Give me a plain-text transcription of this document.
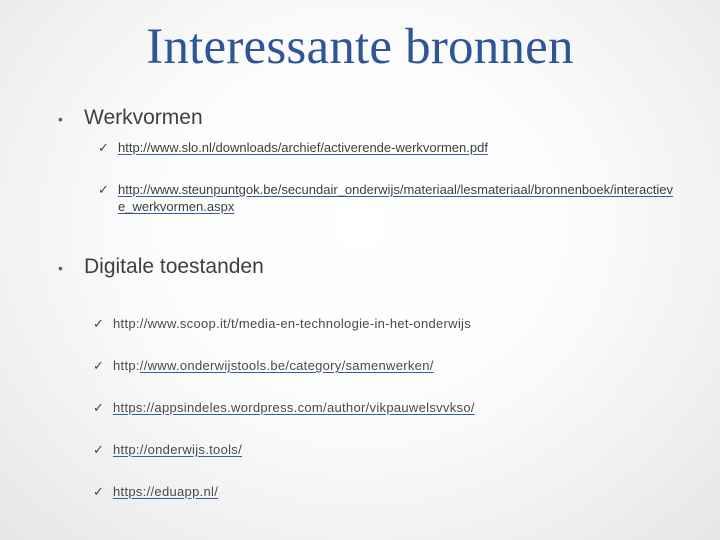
Interessante bronnen
•	Werkvormen
✓ http://www.slo.nl/downloads/archief/activerende-werkvormen.pdf
✓ http://www.steunpuntgok.be/secundair_onderwijs/materiaal/lesmateriaal/bronnenboek/interactieve_werkvormen.aspx
•	Digitale toestanden
✓ http://www.scoop.it/t/media-en-technologie-in-het-onderwijs
✓ http: //www.onderwijstools.be/category/samenwerken/
✓ https://appsindeles.wordpress.com/author/vikpauwelsvvkso/
✓ http://onderwijs.tools/
✓ https://eduapp.nl/
